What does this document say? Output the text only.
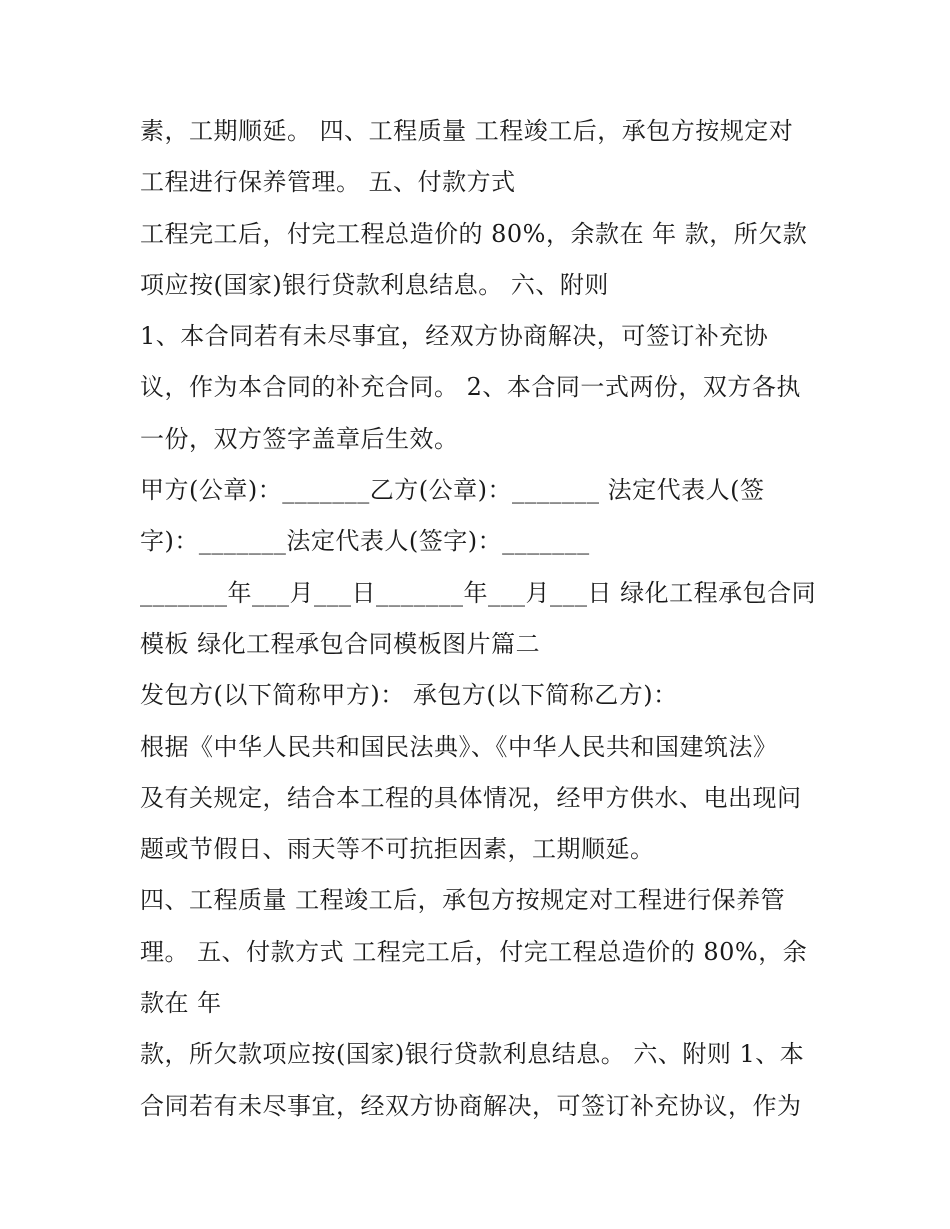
素，工期顺延。 四、工程质量 工程竣工后，承包方按规定对
工程进行保养管理。 五、付款方式
工程完工后，付完工程总造价的 80%，余款在 年 款，所欠款
项应按(国家)银行贷款利息结息。 六、附则
1、本合同若有未尽事宜，经双方协商解决，可签订补充协
议，作为本合同的补充合同。 2、本合同一式两份，双方各执
一份，双方签字盖章后生效。
甲方(公章)：_______乙方(公章)：_______ 法定代表人(签
字)：_______法定代表人(签字)：_______
_______年___月___日_______年___月___日 绿化工程承包合同
模板 绿化工程承包合同模板图片篇二
发包方(以下简称甲方)： 承包方(以下简称乙方)：
根据《中华人民共和国民法典》、《中华人民共和国建筑法》
及有关规定，结合本工程的具体情况，经甲方供水、电出现问
题或节假日、雨天等不可抗拒因素，工期顺延。
四、工程质量 工程竣工后，承包方按规定对工程进行保养管
理。 五、付款方式 工程完工后，付完工程总造价的 80%，余
款在 年
款，所欠款项应按(国家)银行贷款利息结息。 六、附则 1、本
合同若有未尽事宜，经双方协商解决，可签订补充协议，作为
